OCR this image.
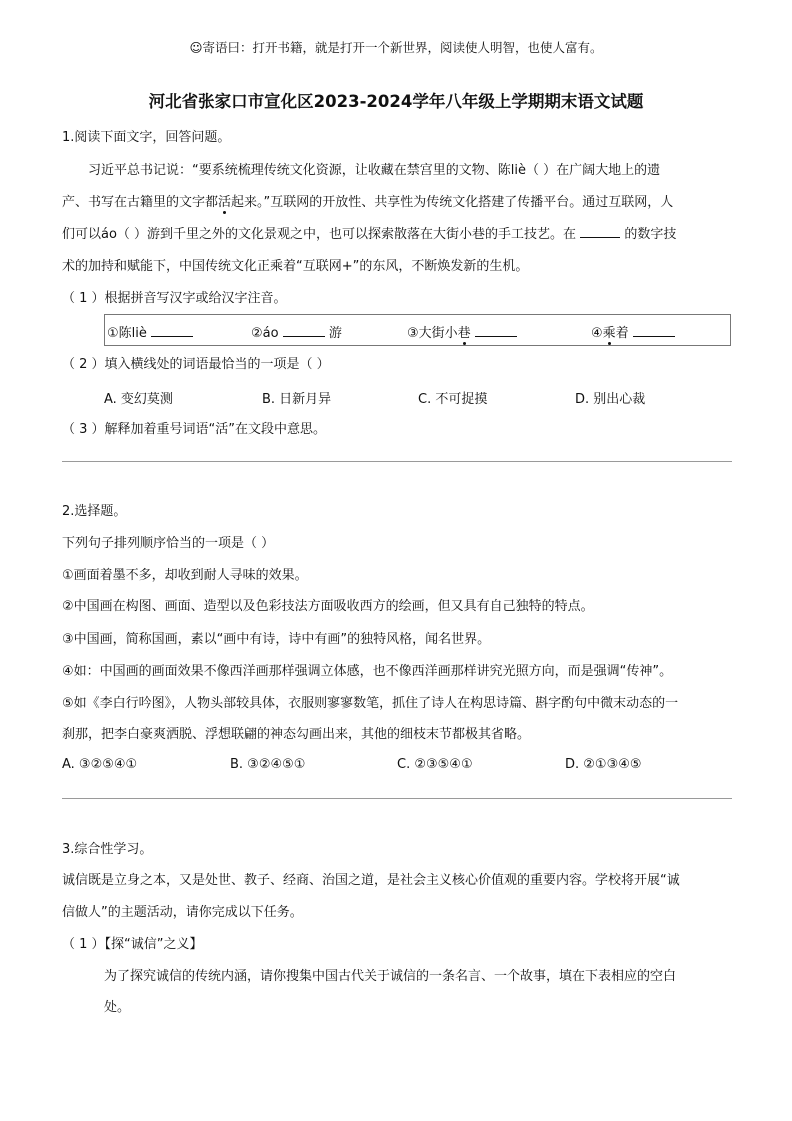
☺寄语曰：打开书籍，就是打开一个新世界，阅读使人明智，也使人富有。
河北省张家口市宣化区2023-2024学年八年级上学期期末语文试题
1.阅读下面文字，回答问题。
习近平总书记说：“要系统梳理传统文化资源，让收藏在禁宫里的文物、陈liè（ ）在广阔大地上的遗
产、书写在古籍里的文字都活起来。”互联网的开放性、共享性为传统文化搭建了传播平台。通过互联网，人
们可以áo（ ）游到千里之外的文化景观之中，也可以探索散落在大街小巷的手工技艺。在	的数字技
术的加持和赋能下，中国传统文化正乘着“互联网+”的东风，不断焕发新的生机。
（ 1 ）根据拼音写汉字或给汉字注音。
①陈liè	②áo	游	③大街小巷	④乘着
（ 2 ）填入横线处的词语最恰当的一项是（ ）
A. 变幻莫测	B. 日新月异	C. 不可捉摸	D. 别出心裁
（ 3 ）解释加着重号词语“活”在文段中意思。
2.选择题。
下列句子排列顺序恰当的一项是（ ）
①画面着墨不多，却收到耐人寻味的效果。
②中国画在构图、画面、造型以及色彩技法方面吸收西方的绘画，但又具有自己独特的特点。
③中国画，简称国画，素以“画中有诗，诗中有画”的独特风格，闻名世界。
④如：中国画的画面效果不像西洋画那样强调立体感，也不像西洋画那样讲究光照方向，而是强调“传神”。
⑤如《李白行吟图》，人物头部较具体，衣服则寥寥数笔，抓住了诗人在构思诗篇、斟字酌句中微末动态的一
刹那，把李白豪爽洒脱、浮想联翩的神态勾画出来，其他的细枝末节都极其省略。
A. ③②⑤④①	B. ③②④⑤①	C. ②③⑤④①	D. ②①③④⑤
3.综合性学习。
诚信既是立身之本，又是处世、教子、经商、治国之道，是社会主义核心价值观的重要内容。学校将开展“诚
信做人”的主题活动，请你完成以下任务。
（ 1 ）【探“诚信”之义】
为了探究诚信的传统内涵，请你搜集中国古代关于诚信的一条名言、一个故事，填在下表相应的空白
处。
